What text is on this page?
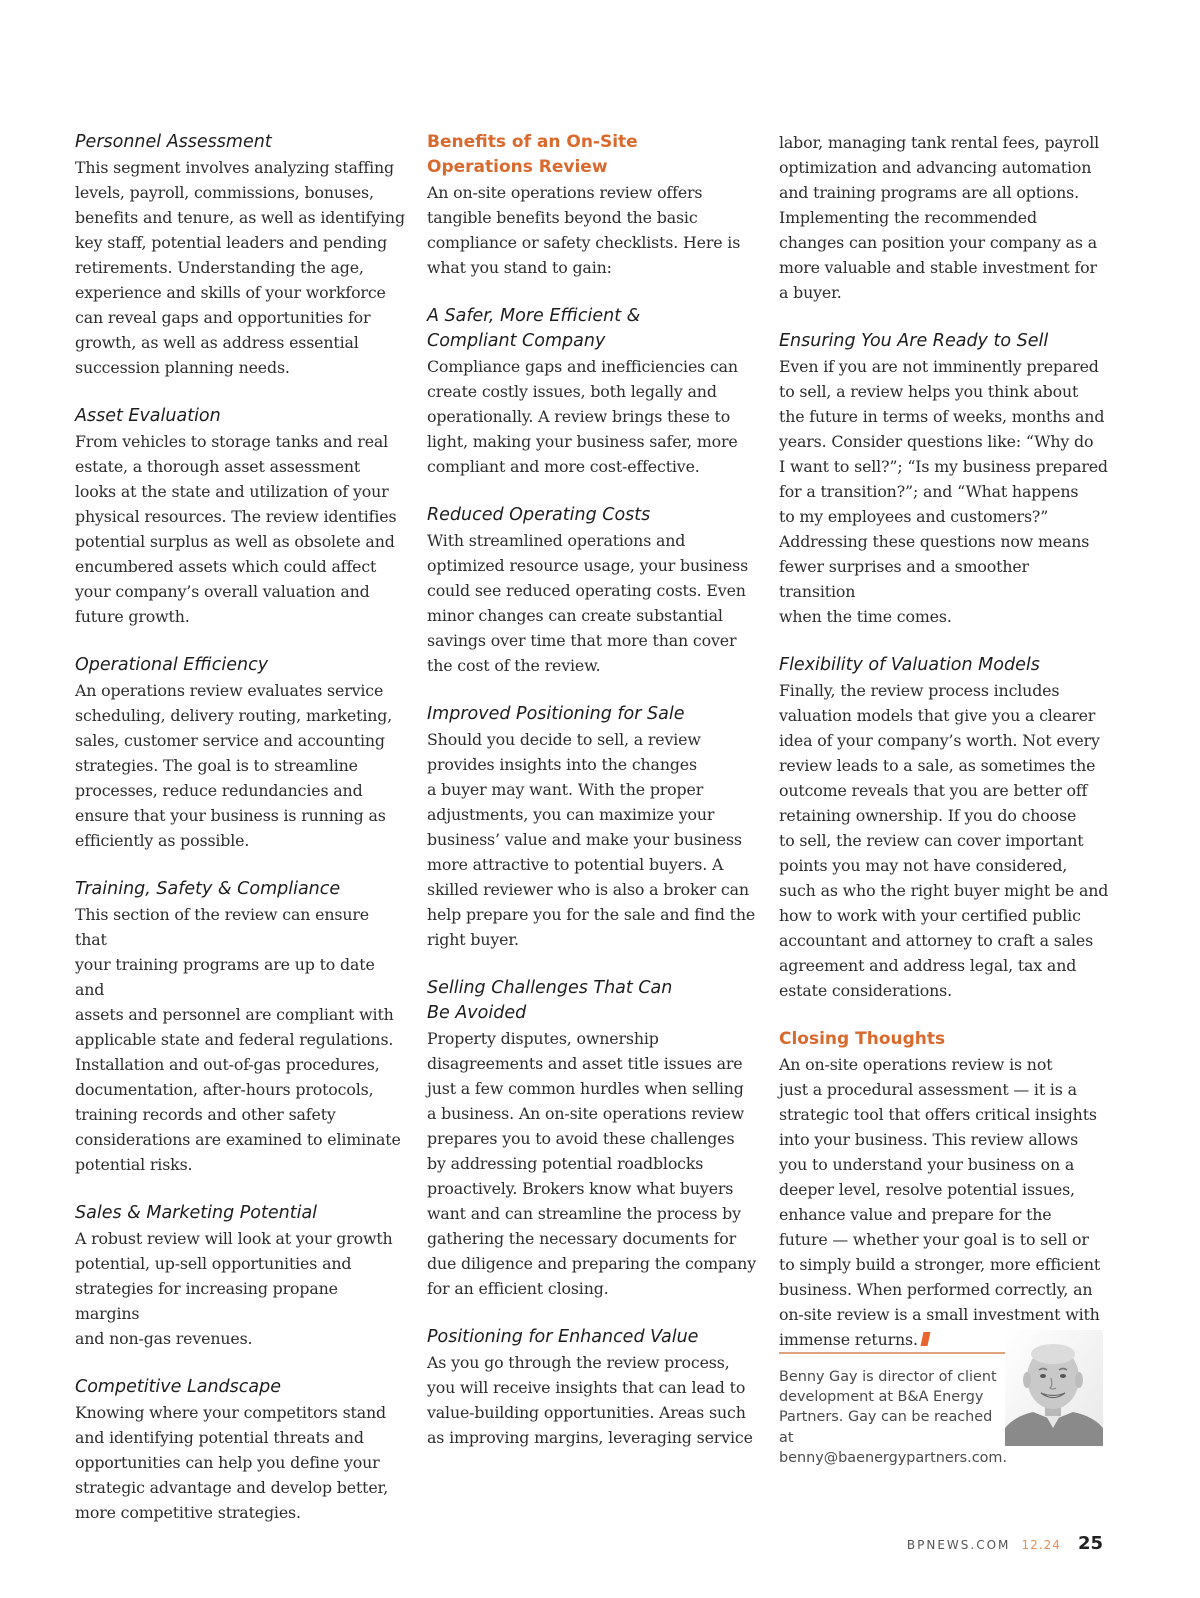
Personnel Assessment
This segment involves analyzing staffing
levels, payroll, commissions, bonuses,
benefits and tenure, as well as identifying
key staff, potential leaders and pending
retirements. Understanding the age,
experience and skills of your workforce
can reveal gaps and opportunities for
growth, as well as address essential
succession planning needs.
Asset Evaluation
From vehicles to storage tanks and real
estate, a thorough asset assessment
looks at the state and utilization of your
physical resources. The review identifies
potential surplus as well as obsolete and
encumbered assets which could affect
your company’s overall valuation and
future growth.
Operational Efficiency
An operations review evaluates service
scheduling, delivery routing, marketing,
sales, customer service and accounting
strategies. The goal is to streamline
processes, reduce redundancies and
ensure that your business is running as
efficiently as possible.
Training, Safety & Compliance
This section of the review can ensure that
your training programs are up to date and
assets and personnel are compliant with
applicable state and federal regulations.
Installation and out-of-gas procedures,
documentation, after-hours protocols,
training records and other safety
considerations are examined to eliminate
potential risks.
Sales & Marketing Potential
A robust review will look at your growth
potential, up-sell opportunities and
strategies for increasing propane margins
and non-gas revenues.
Competitive Landscape
Knowing where your competitors stand
and identifying potential threats and
opportunities can help you define your
strategic advantage and develop better,
more competitive strategies.
Benefits of an On-Site
Operations Review
An on-site operations review offers
tangible benefits beyond the basic
compliance or safety checklists. Here is
what you stand to gain:
A Safer, More Efficient &
Compliant Company
Compliance gaps and inefficiencies can
create costly issues, both legally and
operationally. A review brings these to
light, making your business safer, more
compliant and more cost-effective.
Reduced Operating Costs
With streamlined operations and
optimized resource usage, your business
could see reduced operating costs. Even
minor changes can create substantial
savings over time that more than cover
the cost of the review.
Improved Positioning for Sale
Should you decide to sell, a review
provides insights into the changes
a buyer may want. With the proper
adjustments, you can maximize your
business’ value and make your business
more attractive to potential buyers. A
skilled reviewer who is also a broker can
help prepare you for the sale and find the
right buyer.
Selling Challenges That Can
Be Avoided
Property disputes, ownership
disagreements and asset title issues are
just a few common hurdles when selling
a business. An on-site operations review
prepares you to avoid these challenges
by addressing potential roadblocks
proactively. Brokers know what buyers
want and can streamline the process by
gathering the necessary documents for
due diligence and preparing the company
for an efficient closing.
Positioning for Enhanced Value
As you go through the review process,
you will receive insights that can lead to
value-building opportunities. Areas such
as improving margins, leveraging service
labor, managing tank rental fees, payroll
optimization and advancing automation
and training programs are all options.
Implementing the recommended
changes can position your company as a
more valuable and stable investment for
a buyer.
Ensuring You Are Ready to Sell
Even if you are not imminently prepared
to sell, a review helps you think about
the future in terms of weeks, months and
years. Consider questions like: “Why do
I want to sell?”; “Is my business prepared
for a transition?”; and “What happens
to my employees and customers?”
Addressing these questions now means
fewer surprises and a smoother transition
when the time comes.
Flexibility of Valuation Models
Finally, the review process includes
valuation models that give you a clearer
idea of your company’s worth. Not every
review leads to a sale, as sometimes the
outcome reveals that you are better off
retaining ownership. If you do choose
to sell, the review can cover important
points you may not have considered,
such as who the right buyer might be and
how to work with your certified public
accountant and attorney to craft a sales
agreement and address legal, tax and
estate considerations.
Closing Thoughts
An on-site operations review is not
just a procedural assessment — it is a
strategic tool that offers critical insights
into your business. This review allows
you to understand your business on a
deeper level, resolve potential issues,
enhance value and prepare for the
future — whether your goal is to sell or
to simply build a stronger, more efficient
business. When performed correctly, an
on-site review is a small investment with
immense returns.
Benny Gay is director of client
development at B&A Energy
Partners. Gay can be reached at
benny@baenergypartners.com.
BPNEWS.COM 12.24 25
